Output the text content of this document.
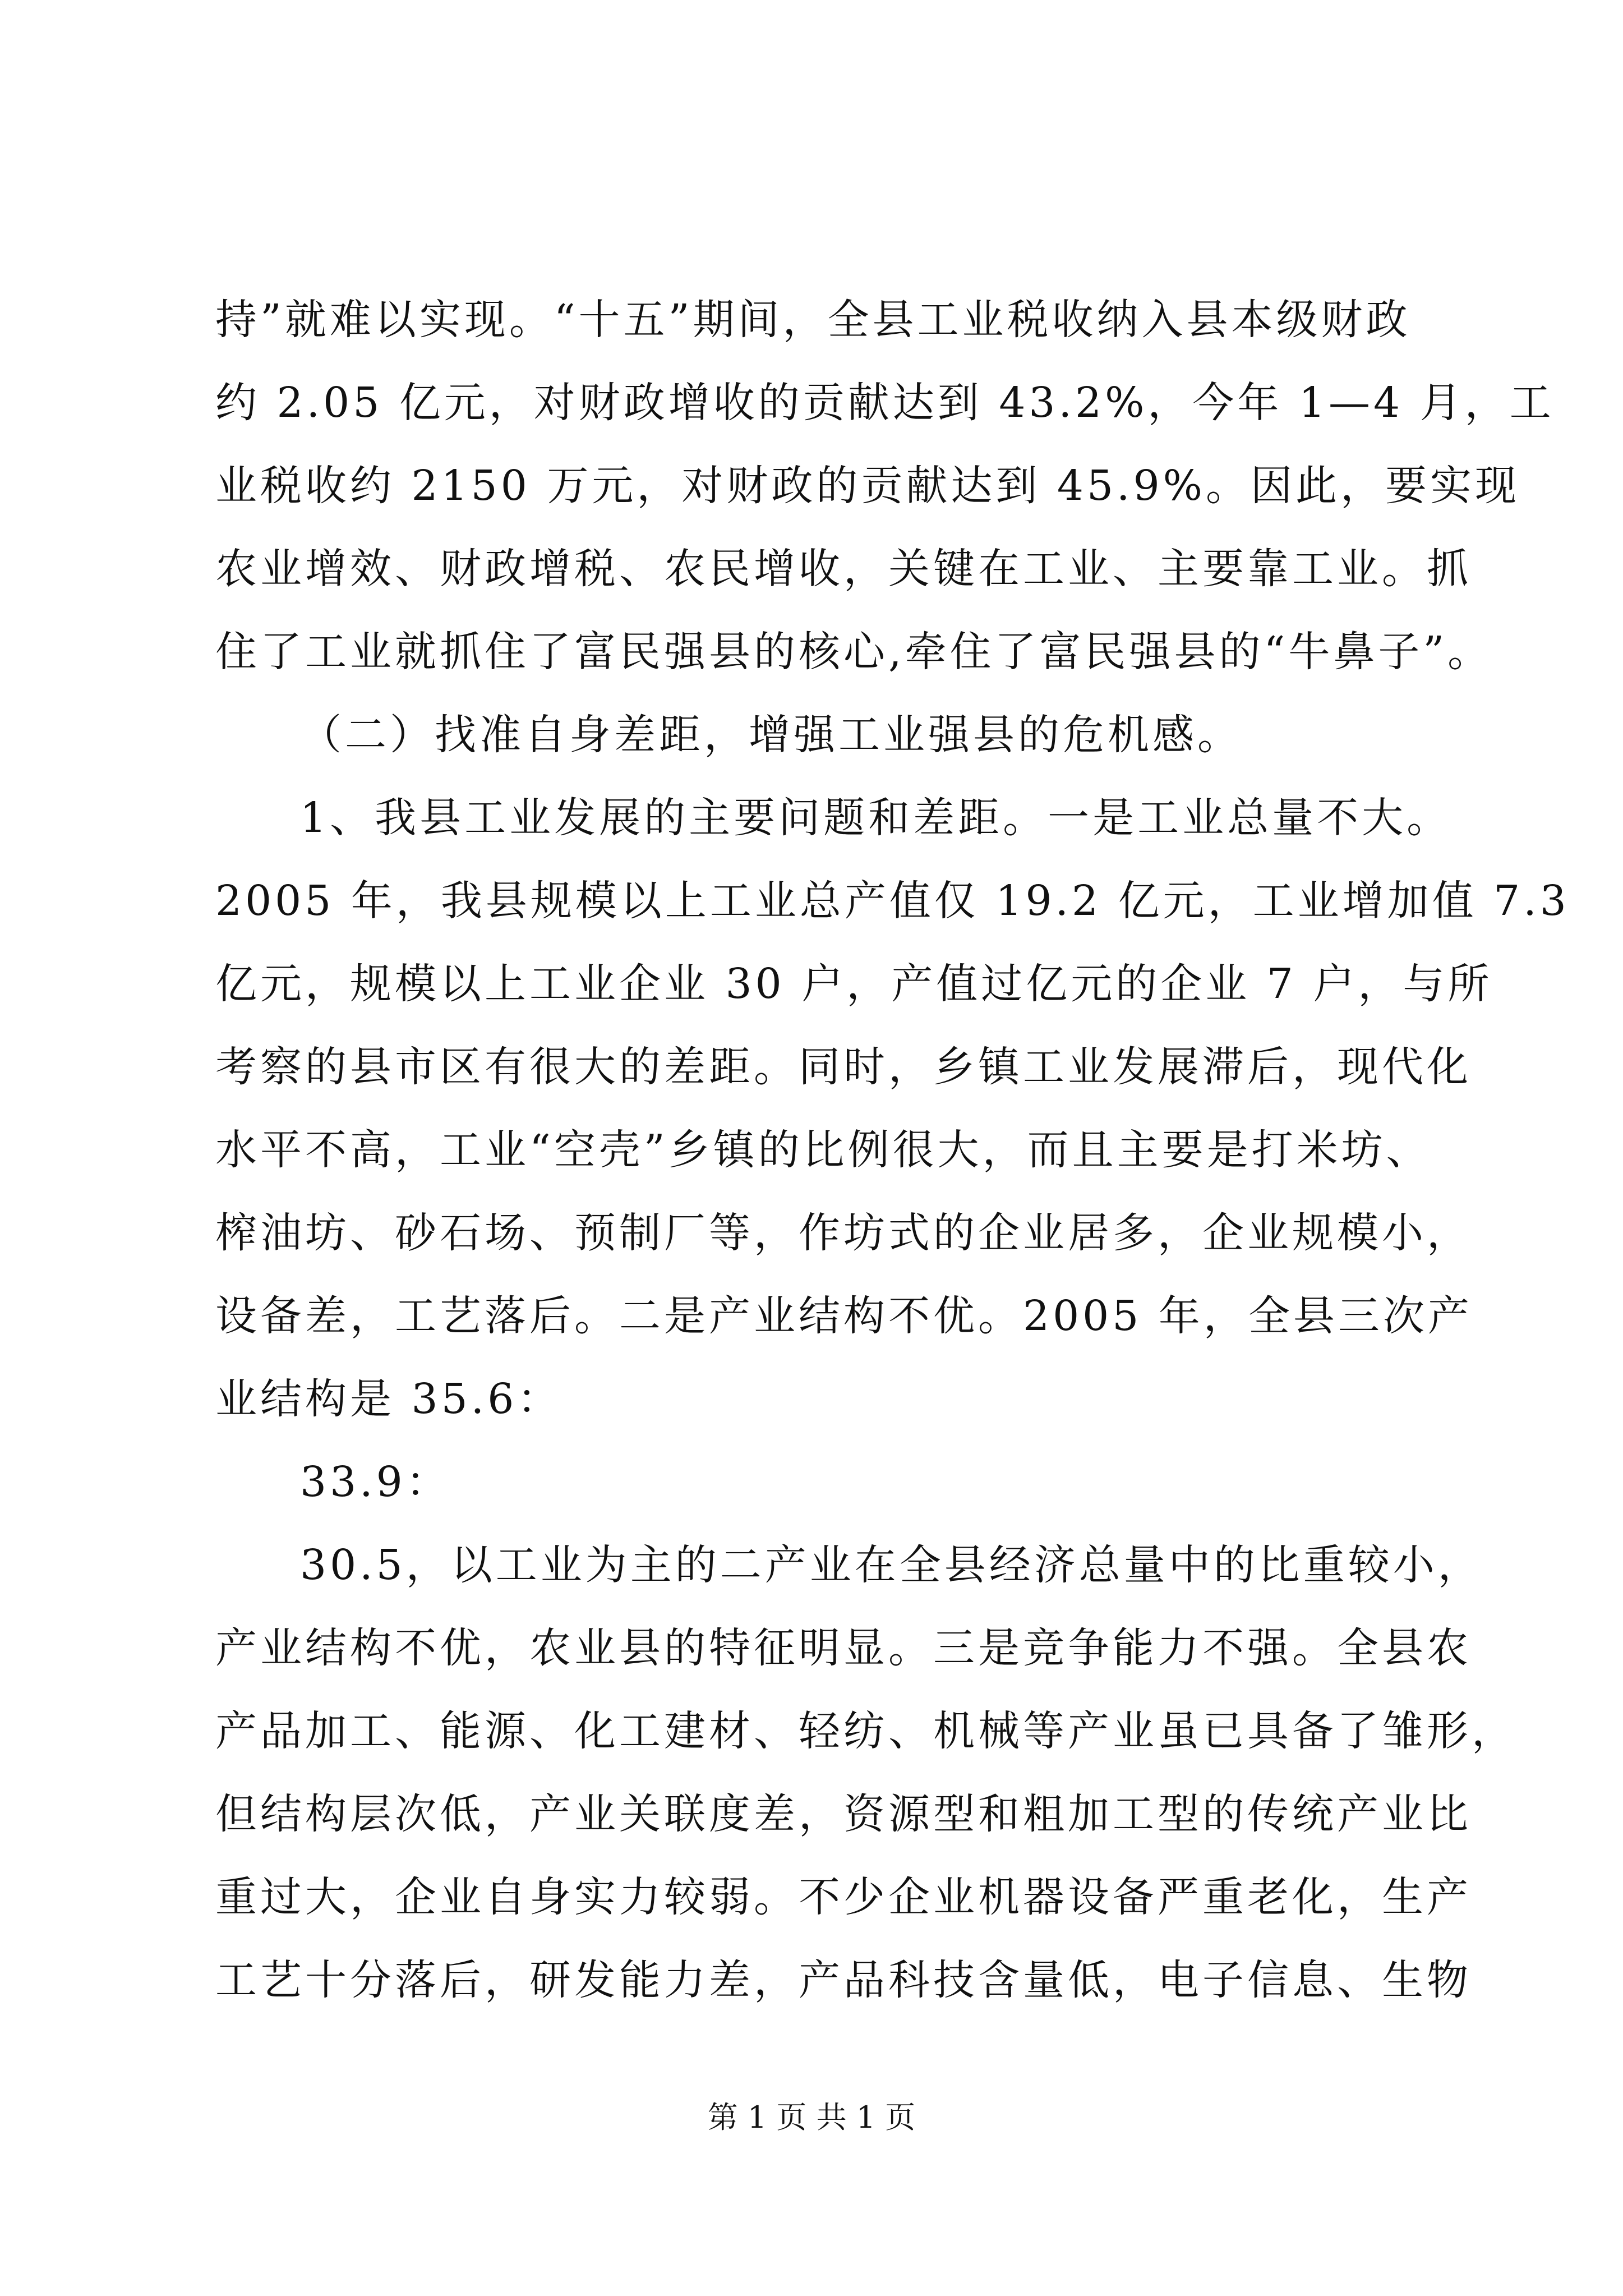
持”就难以实现。“十五”期间，全县工业税收纳入县本级财政
约 2.05 亿元，对财政增收的贡献达到 43.2%，今年 1—4 月，工
业税收约 2150 万元，对财政的贡献达到 45.9%。因此，要实现
农业增效、财政增税、农民增收，关键在工业、主要靠工业。抓
住了工业就抓住了富民强县的核心,牵住了富民强县的“牛鼻子”。
（二）找准自身差距，增强工业强县的危机感。
1、我县工业发展的主要问题和差距。一是工业总量不大。
2005 年，我县规模以上工业总产值仅 19.2 亿元，工业增加值 7.3
亿元，规模以上工业企业 30 户，产值过亿元的企业 7 户，与所
考察的县市区有很大的差距。同时，乡镇工业发展滞后，现代化
水平不高，工业“空壳”乡镇的比例很大，而且主要是打米坊、
榨油坊、砂石场、预制厂等，作坊式的企业居多，企业规模小，
设备差，工艺落后。二是产业结构不优。2005 年，全县三次产
业结构是 35.6：
33.9：
30.5，以工业为主的二产业在全县经济总量中的比重较小，
产业结构不优，农业县的特征明显。三是竞争能力不强。全县农
产品加工、能源、化工建材、轻纺、机械等产业虽已具备了雏形，
但结构层次低，产业关联度差，资源型和粗加工型的传统产业比
重过大，企业自身实力较弱。不少企业机器设备严重老化，生产
工艺十分落后，研发能力差，产品科技含量低，电子信息、生物
第 1 页 共 1 页
